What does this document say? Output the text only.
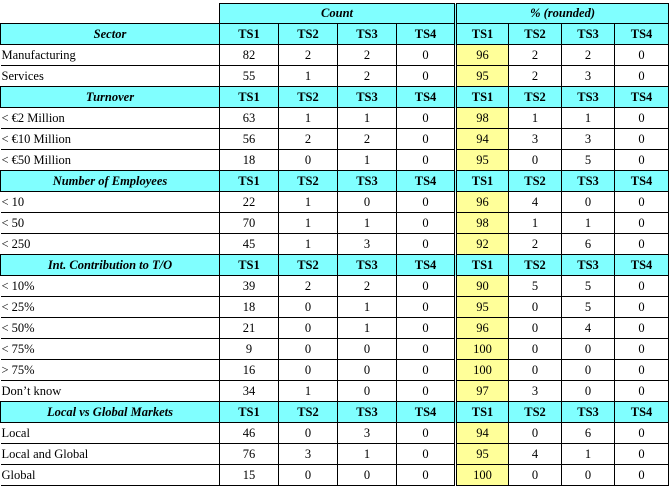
	Count				% (rounded)			
Sector	TS1	TS2	TS3	TS4	TS1	TS2	TS3	TS4
Manufacturing	82	2	2	0	96	2	2	0
Services	55	1	2	0	95	2	3	0
Turnover	TS1	TS2	TS3	TS4	TS1	TS2	TS3	TS4
< €2 Million	63	1	1	0	98	1	1	0
< €10 Million	56	2	2	0	94	3	3	0
< €50 Million	18	0	1	0	95	0	5	0
Number of Employees	TS1	TS2	TS3	TS4	TS1	TS2	TS3	TS4
< 10	22	1	0	0	96	4	0	0
< 50	70	1	1	0	98	1	1	0
< 250	45	1	3	0	92	2	6	0
Int. Contribution to T/O	TS1	TS2	TS3	TS4	TS1	TS2	TS3	TS4
< 10%	39	2	2	0	90	5	5	0
< 25%	18	0	1	0	95	0	5	0
< 50%	21	0	1	0	96	0	4	0
< 75%	9	0	0	0	100	0	0	0
> 75%	16	0	0	0	100	0	0	0
Don’t know	34	1	0	0	97	3	0	0
Local vs Global Markets	TS1	TS2	TS3	TS4	TS1	TS2	TS3	TS4
Local	46	0	3	0	94	0	6	0
Local and Global	76	3	1	0	95	4	1	0
Global	15	0	0	0	100	0	0	0
